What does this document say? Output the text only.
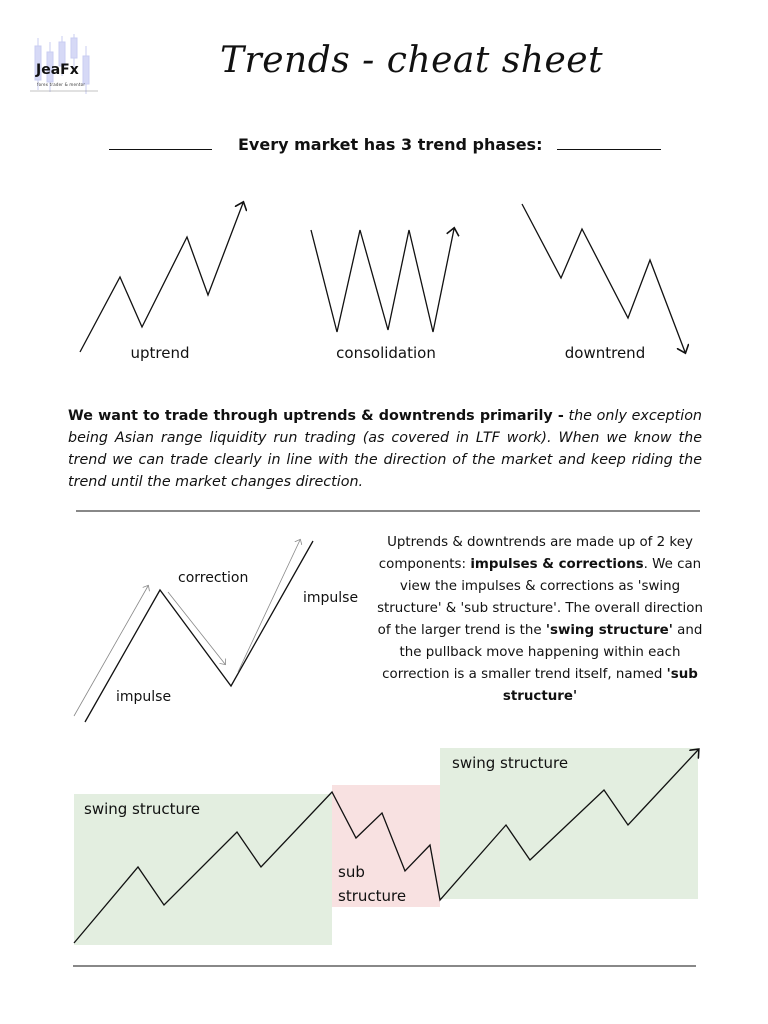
JeaFx
forex trader & mentor
Trends - cheat sheet
Every market has 3 trend phases:
uptrend	consolidation	downtrend
We want to trade through uptrends & downtrends primarily - the only exception being Asian range liquidity run trading (as covered in LTF work). When we know the trend we can trade clearly in line with the direction of the market and keep riding the trend until the market changes direction.
correction
impulse
impulse
Uptrends & downtrends are made up of 2 key components: impulses & corrections. We can view the impulses & corrections as 'swing structure' & 'sub structure'. The overall direction of the larger trend is the 'swing structure' and the pullback move happening within each correction is a smaller trend itself, named 'sub structure'
swing structure
sub structure
swing structure
